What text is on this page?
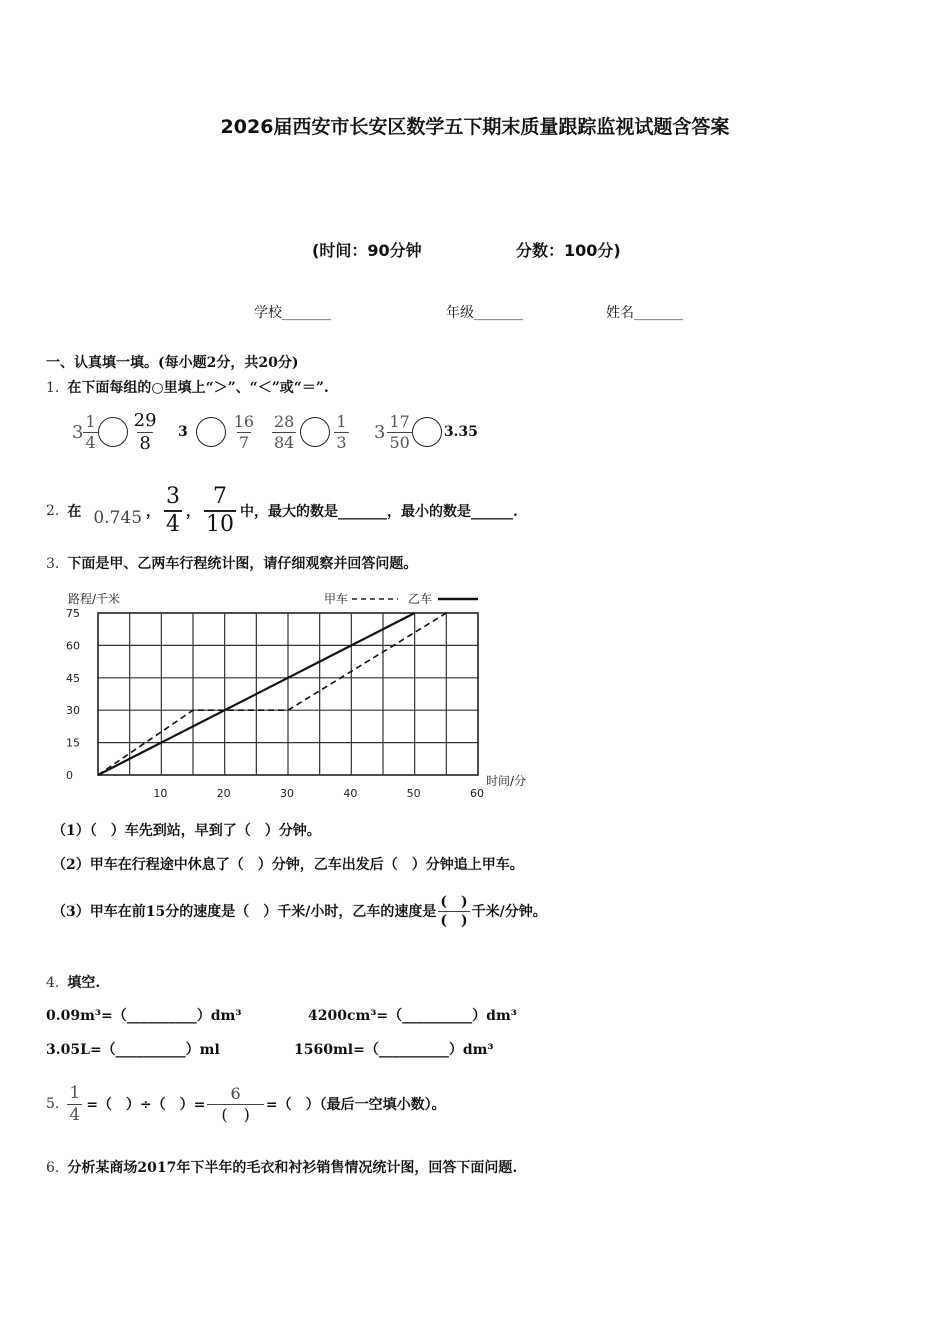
2026届西安市长安区数学五下期末质量跟踪监视试题含答案
(时间：90分钟	分数：100分)
学校_______	年级_______	姓名_______
一、认真填一填。(每小题2分，共20分)
1. 在下面每组的○里填上“＞”、“＜”或“＝”.
$3 \frac{1}{4} \frac{29}{8} 3$	$\frac{16}{7} \frac{28}{84} \frac{1}{3} 3 \frac{17}{50} 3.35$
2. 在 0.745 ， $\frac{3}{4}$ ， $\frac{7}{10}$ 中，最大的数是_______，最小的数是______.
3. 下面是甲、乙两车行程统计图，请仔细观察并回答问题。
路程/千米	甲车	乙车
75
60
45
30
15
0
10	20	30	40	50	60
时间/分
（1）（　）车先到站，早到了（　）分钟。
（2）甲车在行程途中休息了（　）分钟，乙车出发后（　）分钟追上甲车。
（3）甲车在前15分的速度是（　）千米/小时，乙车的速度是 $\frac{( )}{( )}$ 千米/分钟。
4. 填空.
0.09m³=（__________）dm³	4200cm³=（__________）dm³
3.05L=（__________）ml	1560ml=（__________）dm³
5. $\frac{1}{4}$ =（　）÷（　）= $\frac{6}{( )}$ =（　）（最后一空填小数）。
6. 分析某商场2017年下半年的毛衣和衬衫销售情况统计图，回答下面问题.
